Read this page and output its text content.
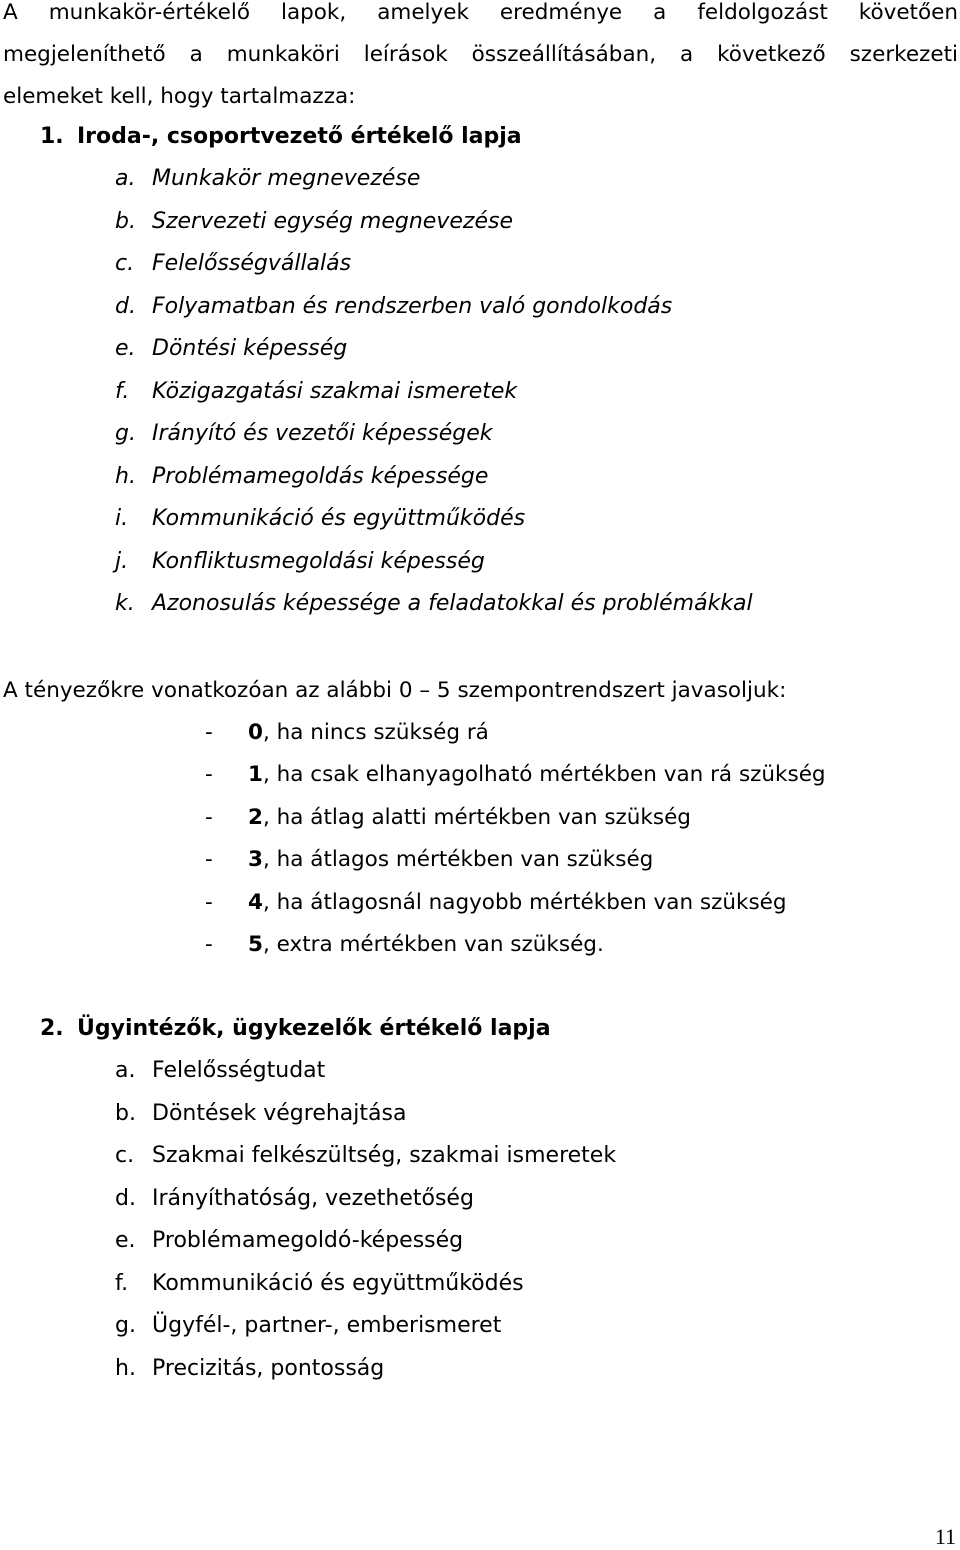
A munkakör-értékelő lapok, amelyek eredménye a feldolgozást követően
megjeleníthető a munkaköri leírások összeállításában, a következő szerkezeti
elemeket kell, hogy tartalmazza:

1. Iroda-, csoportvezető értékelő lapja
a. Munkakör megnevezése
b. Szervezeti egység megnevezése
c. Felelősségvállalás
d. Folyamatban és rendszerben való gondolkodás
e. Döntési képesség
f. Közigazgatási szakmai ismeretek
g. Irányító és vezetői képességek
h. Problémamegoldás képessége
i. Kommunikáció és együttműködés
j. Konfliktusmegoldási képesség
k. Azonosulás képessége a feladatokkal és problémákkal

A tényezőkre vonatkozóan az alábbi 0 – 5 szempontrendszert javasoljuk:

- 0, ha nincs szükség rá
- 1, ha csak elhanyagolható mértékben van rá szükség
- 2, ha átlag alatti mértékben van szükség
- 3, ha átlagos mértékben van szükség
- 4, ha átlagosnál nagyobb mértékben van szükség
- 5, extra mértékben van szükség.
2. Ügyintézők, ügykezelők értékelő lapja
a. Felelősségtudat
b. Döntések végrehajtása
c. Szakmai felkészültség, szakmai ismeretek
d. Irányíthatóság, vezethetőség
e. Problémamegoldó-képesség
f. Kommunikáció és együttműködés
g. Ügyfél-, partner-, emberismeret
h. Precizitás, pontosság
11
